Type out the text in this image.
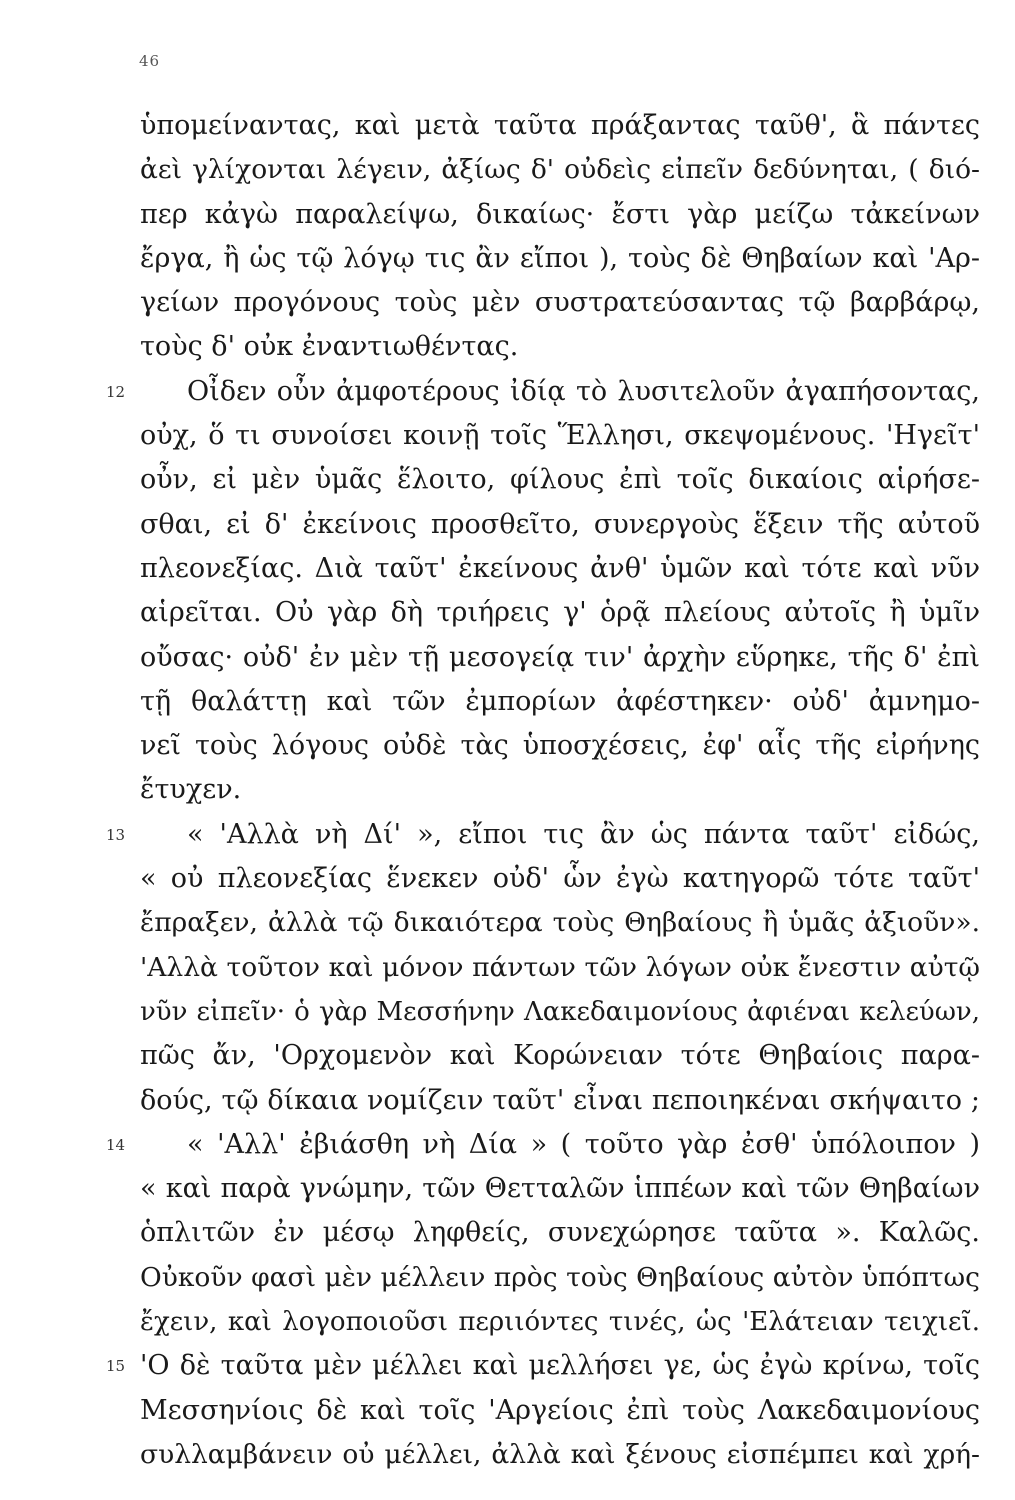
46
ὑπομείναντας, καὶ μετὰ ταῦτα πράξαντας ταῦθ', ἃ πάντες
ἀεὶ γλίχονται λέγειν, ἀξίως δ' οὐδεὶς εἰπεῖν δεδύνηται, ( διό-
περ κἀγὼ παραλείψω, δικαίως· ἔστι γὰρ μείζω τἀκείνων
ἔργα, ἢ ὡς τῷ λόγῳ τις ἂν εἴποι ), τοὺς δὲ Θηβαίων καὶ 'Αρ-
γείων προγόνους τοὺς μὲν συστρατεύσαντας τῷ βαρβάρῳ,
τοὺς δ' οὐκ ἐναντιωθέντας.
12 Οἶδεν οὖν ἀμφοτέρους ἰδίᾳ τὸ λυσιτελοῦν ἀγαπήσοντας,
οὐχ, ὅ τι συνοίσει κοινῇ τοῖς Ἕλλησι, σκεψομένους. 'Ηγεῖτ'
οὖν, εἰ μὲν ὑμᾶς ἕλοιτο, φίλους ἐπὶ τοῖς δικαίοις αἱρήσε-
σθαι, εἰ δ' ἐκείνοις προσθεῖτο, συνεργοὺς ἕξειν τῆς αὐτοῦ
πλεονεξίας. Διὰ ταῦτ' ἐκείνους ἀνθ' ὑμῶν καὶ τότε καὶ νῦν
αἱρεῖται. Οὐ γὰρ δὴ τριήρεις γ' ὁρᾷ πλείους αὐτοῖς ἢ ὑμῖν
οὔσας· οὐδ' ἐν μὲν τῇ μεσογείᾳ τιν' ἀρχὴν εὕρηκε, τῆς δ' ἐπὶ
τῇ θαλάττῃ καὶ τῶν ἐμπορίων ἀφέστηκεν· οὐδ' ἀμνημο-
νεῖ τοὺς λόγους οὐδὲ τὰς ὑποσχέσεις, ἐφ' αἷς τῆς εἰρήνης
ἔτυχεν.
13 « 'Αλλὰ νὴ Δί' », εἴποι τις ἂν ὡς πάντα ταῦτ' εἰδώς,
« οὐ πλεονεξίας ἕνεκεν οὐδ' ὧν ἐγὼ κατηγορῶ τότε ταῦτ'
ἔπραξεν, ἀλλὰ τῷ δικαιότερα τοὺς Θηβαίους ἢ ὑμᾶς ἀξιοῦν».
'Αλλὰ τοῦτον καὶ μόνον πάντων τῶν λόγων οὐκ ἔνεστιν αὐτῷ
νῦν εἰπεῖν· ὁ γὰρ Μεσσήνην Λακεδαιμονίους ἀφιέναι κελεύων,
πῶς ἄν, 'Ορχομενὸν καὶ Κορώνειαν τότε Θηβαίοις παρα-
δούς, τῷ δίκαια νομίζειν ταῦτ' εἶναι πεποιηκέναι σκήψαιτο ;
14 « 'Αλλ' ἐβιάσθη νὴ Δία » ( τοῦτο γὰρ ἐσθ' ὑπόλοιπον )
« καὶ παρὰ γνώμην, τῶν Θετταλῶν ἱππέων καὶ τῶν Θηβαίων
ὁπλιτῶν ἐν μέσῳ ληφθείς, συνεχώρησε ταῦτα ». Καλῶς.
Οὐκοῦν φασὶ μὲν μέλλειν πρὸς τοὺς Θηβαίους αὐτὸν ὑπόπτως
ἔχειν, καὶ λογοποιοῦσι περιιόντες τινές, ὡς 'Ελάτειαν τειχιεῖ.
15 'Ο δὲ ταῦτα μὲν μέλλει καὶ μελλήσει γε, ὡς ἐγὼ κρίνω, τοῖς
Μεσσηνίοις δὲ καὶ τοῖς 'Αργείοις ἐπὶ τοὺς Λακεδαιμονίους
συλλαμβάνειν οὐ μέλλει, ἀλλὰ καὶ ξένους εἰσπέμπει καὶ χρή-
